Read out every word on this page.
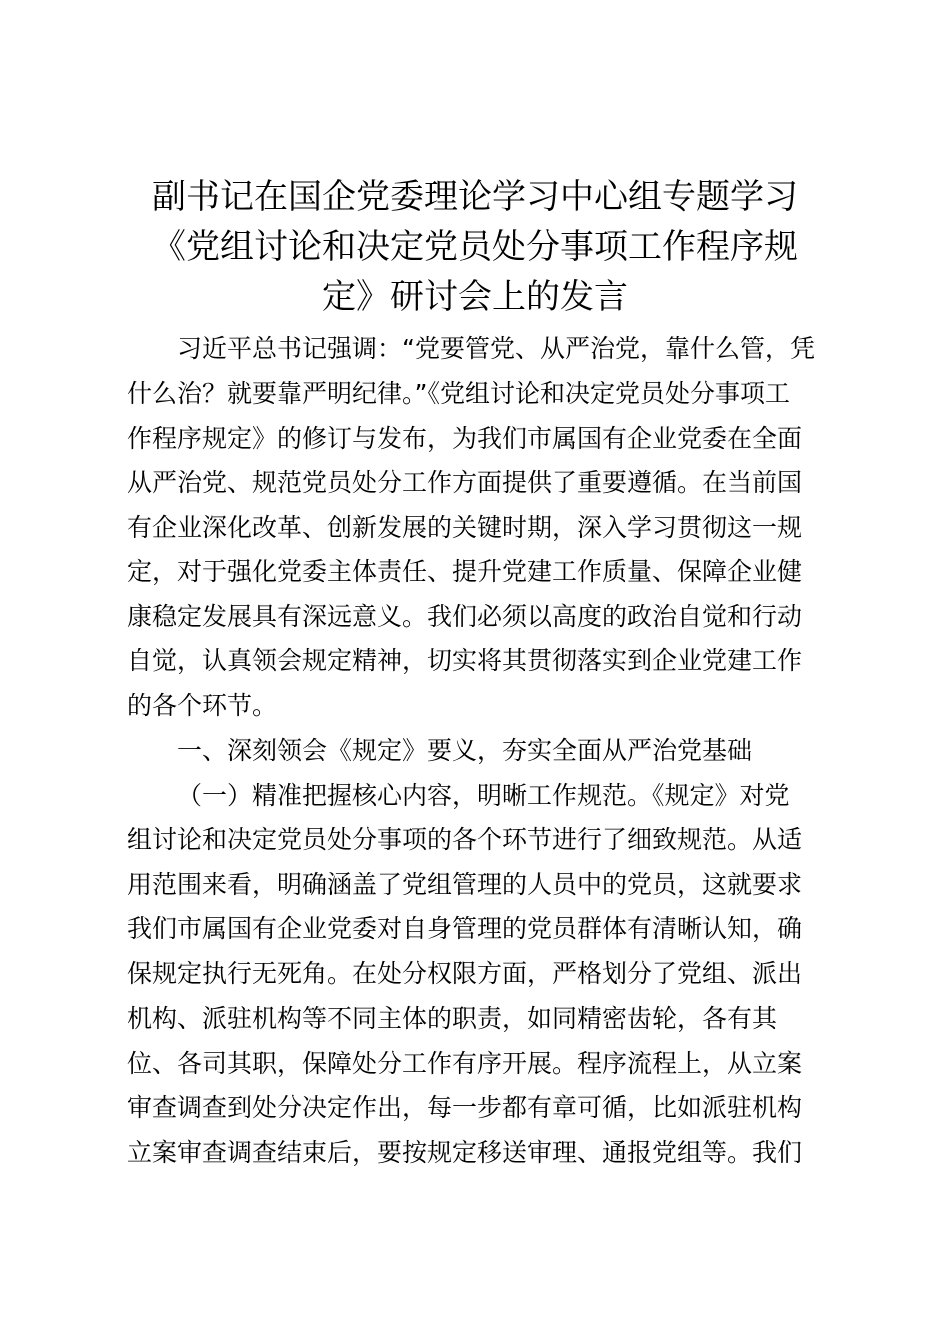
副书记在国企党委理论学习中心组专题学习
《党组讨论和决定党员处分事项工作程序规
定》研讨会上的发言
习近平总书记强调：“党要管党、从严治党，靠什么管，凭
什么治？就要靠严明纪律。”《党组讨论和决定党员处分事项工
作程序规定》的修订与发布，为我们市属国有企业党委在全面
从严治党、规范党员处分工作方面提供了重要遵循。在当前国
有企业深化改革、创新发展的关键时期，深入学习贯彻这一规
定，对于强化党委主体责任、提升党建工作质量、保障企业健
康稳定发展具有深远意义。我们必须以高度的政治自觉和行动
自觉，认真领会规定精神，切实将其贯彻落实到企业党建工作
的各个环节。
一、深刻领会《规定》要义，夯实全面从严治党基础
（一）精准把握核心内容，明晰工作规范。《规定》对党
组讨论和决定党员处分事项的各个环节进行了细致规范。从适
用范围来看，明确涵盖了党组管理的人员中的党员，这就要求
我们市属国有企业党委对自身管理的党员群体有清晰认知，确
保规定执行无死角。在处分权限方面，严格划分了党组、派出
机构、派驻机构等不同主体的职责，如同精密齿轮，各有其
位、各司其职，保障处分工作有序开展。程序流程上，从立案
审查调查到处分决定作出，每一步都有章可循，比如派驻机构
立案审查调查结束后，要按规定移送审理、通报党组等。我们
